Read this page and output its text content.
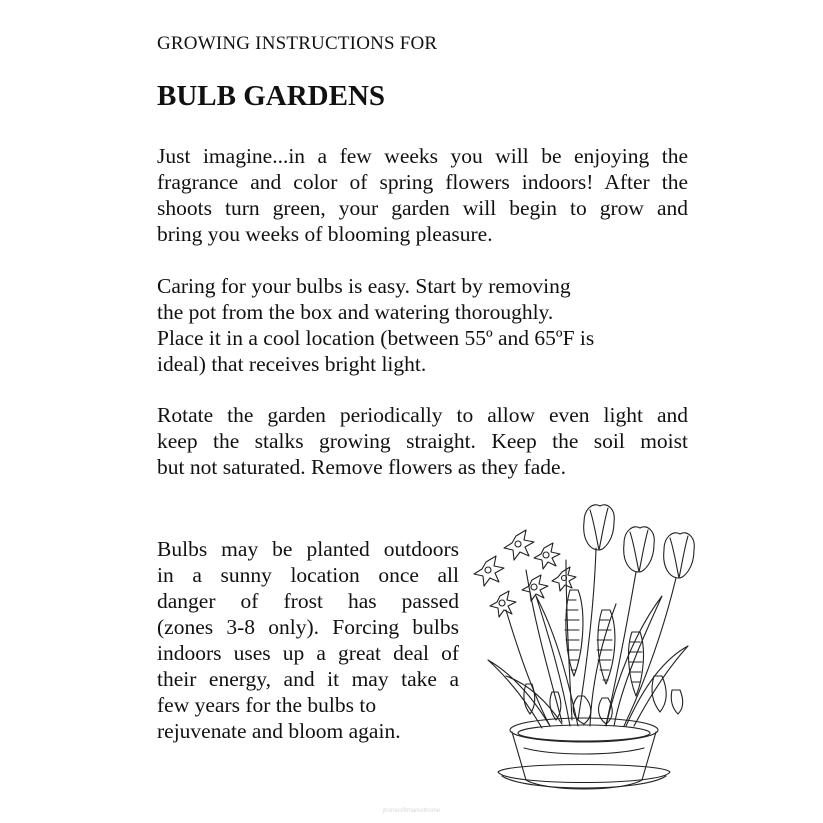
GROWING INSTRUCTIONS FOR
BULB GARDENS
Just imagine...in a few weeks you will be enjoying the
fragrance and color of spring flowers indoors! After the
shoots turn green, your garden will begin to grow and
bring you weeks of blooming pleasure.
Caring for your bulbs is easy. Start by removing
the pot from the box and watering thoroughly.
Place it in a cool location (between 55º and 65ºF is
ideal) that receives bright light.
Rotate the garden periodically to allow even light and
keep the stalks growing straight. Keep the soil moist
but not saturated. Remove flowers as they fade.
Bulbs may be planted outdoors
in a sunny location once all
danger of frost has passed
(zones 3-8 only). Forcing bulbs
indoors uses up a great deal of
their energy, and it may take a
few years for the bulbs to
rejuvenate and bloom again.
jhomesfitmarkethome
